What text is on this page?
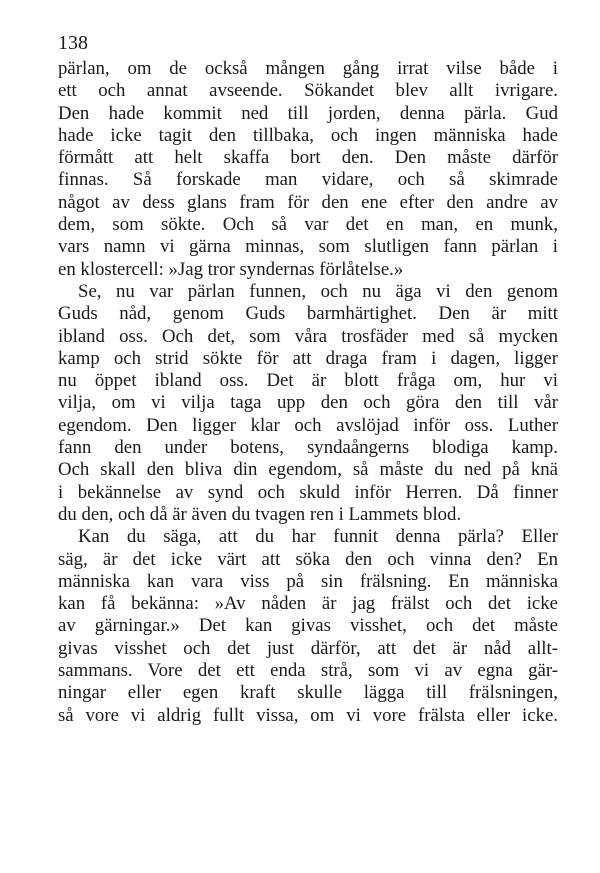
138
pärlan, om de också mången gång irrat vilse både i
ett och annat avseende. Sökandet blev allt ivrigare.
Den hade kommit ned till jorden, denna pärla. Gud
hade icke tagit den tillbaka, och ingen människa hade
förmått att helt skaffa bort den. Den måste därför
finnas. Så forskade man vidare, och så skimrade
något av dess glans fram för den ene efter den andre av
dem, som sökte. Och så var det en man, en munk,
vars namn vi gärna minnas, som slutligen fann pärlan i
en klostercell: »Jag tror syndernas förlåtelse.»
Se, nu var pärlan funnen, och nu äga vi den genom
Guds nåd, genom Guds barmhärtighet. Den är mitt
ibland oss. Och det, som våra trosfäder med så mycken
kamp och strid sökte för att draga fram i dagen, ligger
nu öppet ibland oss. Det är blott fråga om, hur vi
vilja, om vi vilja taga upp den och göra den till vår
egendom. Den ligger klar och avslöjad inför oss. Luther
fann den under botens, syndaångerns blodiga kamp.
Och skall den bliva din egendom, så måste du ned på knä
i bekännelse av synd och skuld inför Herren. Då finner
du den, och då är även du tvagen ren i Lammets blod.
Kan du säga, att du har funnit denna pärla? Eller
säg, är det icke värt att söka den och vinna den? En
människa kan vara viss på sin frälsning. En människa
kan få bekänna: »Av nåden är jag frälst och det icke
av gärningar.» Det kan givas visshet, och det måste
givas visshet och det just därför, att det är nåd allt-
sammans. Vore det ett enda strå, som vi av egna gär-
ningar eller egen kraft skulle lägga till frälsningen,
så vore vi aldrig fullt vissa, om vi vore frälsta eller icke.
